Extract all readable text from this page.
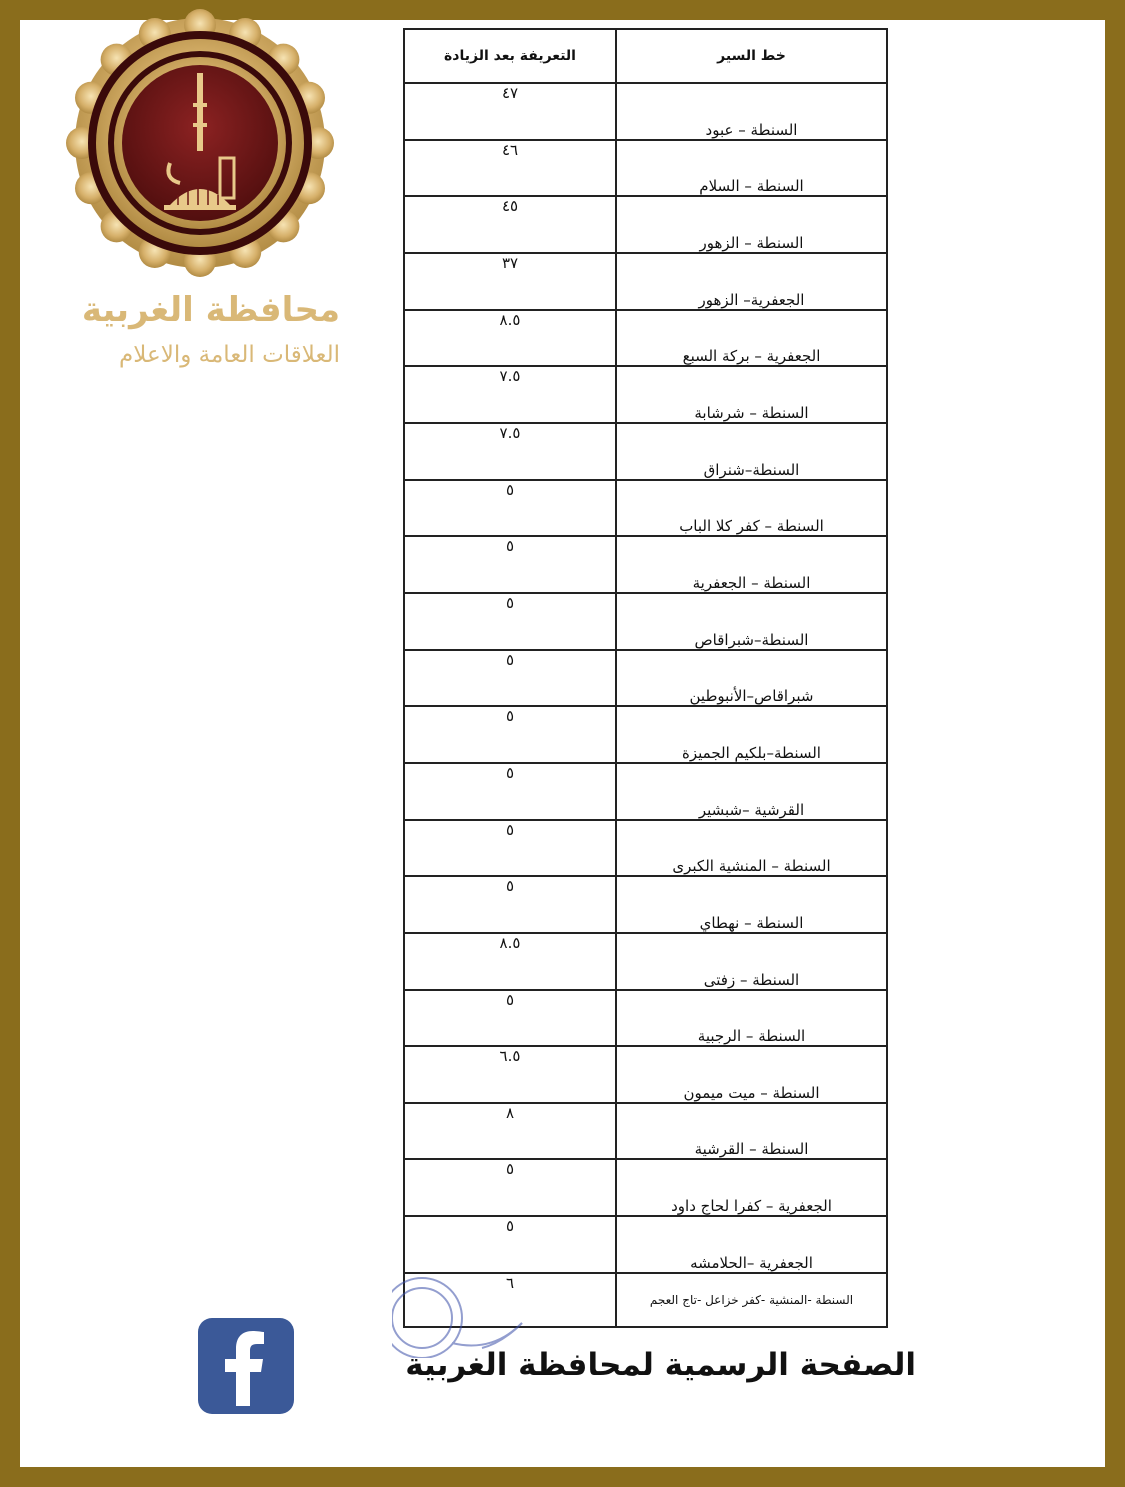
محافظة الغربية
العلاقات العامة والاعلام
التعريفة بعد الزيادة	خط السير
٤٧	السنطة – عبود
٤٦	السنطة – السلام
٤٥	السنطة – الزهور
٣٧	الجعفرية– الزهور
٨.٥	الجعفرية – بركة السبع
٧.٥	السنطة – شرشابة
٧.٥	السنطة–شنراق
٥	السنطة – كفر كلا الباب
٥	السنطة – الجعفرية
٥	السنطة–شبراقاص
٥	شبراقاص–الأنبوطين
٥	السنطة–بلكيم الجميزة
٥	القرشية –شبشير
٥	السنطة – المنشية الكبرى
٥	السنطة – نهطاي
٨.٥	السنطة – زفتى
٥	السنطة – الرجبية
٦.٥	السنطة – ميت ميمون
٨	السنطة – القرشية
٥	الجعفرية – كفرا لحاج داود
٥	الجعفرية –الحلامشه
٦	السنطة -المنشية -كفر خزاعل -تاج العجم
الصفحة الرسمية لمحافظة الغربية
